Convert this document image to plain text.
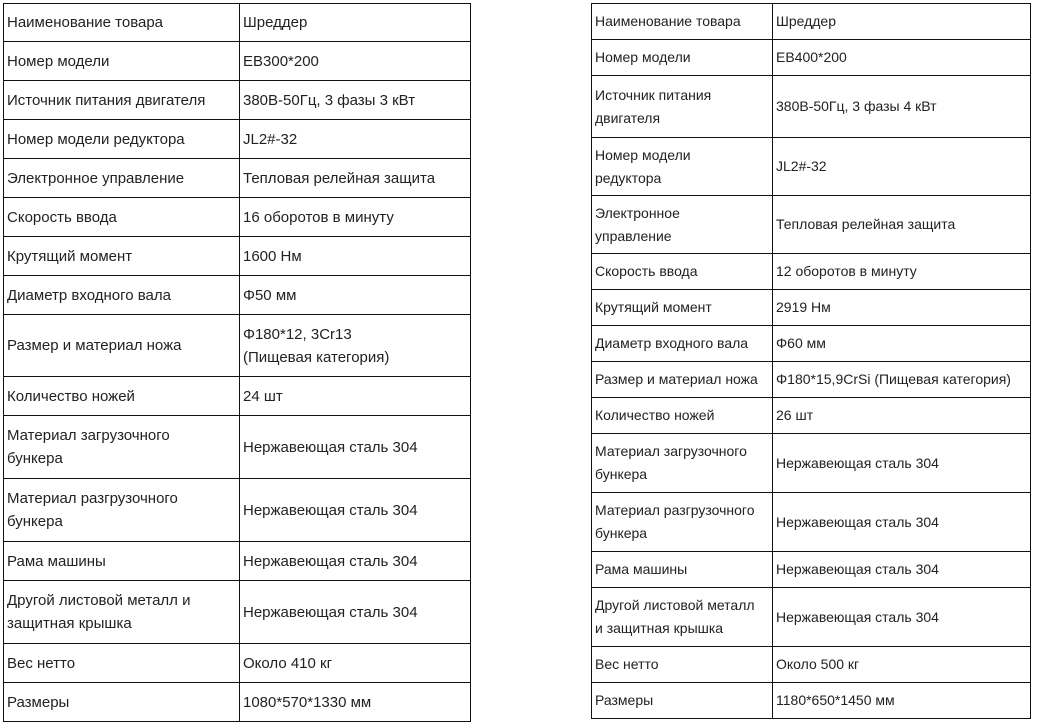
Наименование товара	Шреддер
Номер модели	EB300*200
Источник питания двигателя	380В-50Гц, 3 фазы 3 кВт
Номер модели редуктора	JL2#-32
Электронное управление	Тепловая релейная защита
Скорость ввода	16 оборотов в минуту
Крутящий момент	1600 Нм
Диаметр входного вала	Φ50 мм
Размер и материал ножа	Φ180*12, 3Cr13
(Пищевая категория)
Количество ножей	24 шт
Материал загрузочного
бункера	Нержавеющая сталь 304
Материал разгрузочного
бункера	Нержавеющая сталь 304
Рама машины	Нержавеющая сталь 304
Другой листовой металл и
защитная крышка	Нержавеющая сталь 304
Вес нетто	Около 410 кг
Размеры	1080*570*1330 мм
Наименование товара	Шреддер
Номер модели	EB400*200
Источник питания
двигателя	380В-50Гц, 3 фазы 4 кВт
Номер модели
редуктора	JL2#-32
Электронное
управление	Тепловая релейная защита
Скорость ввода	12 оборотов в минуту
Крутящий момент	2919 Нм
Диаметр входного вала	Φ60 мм
Размер и материал ножа	Φ180*15,9CrSi (Пищевая категория)
Количество ножей	26 шт
Материал загрузочного
бункера	Нержавеющая сталь 304
Материал разгрузочного
бункера	Нержавеющая сталь 304
Рама машины	Нержавеющая сталь 304
Другой листовой металл
и защитная крышка	Нержавеющая сталь 304
Вес нетто	Около 500 кг
Размеры	1180*650*1450 мм
